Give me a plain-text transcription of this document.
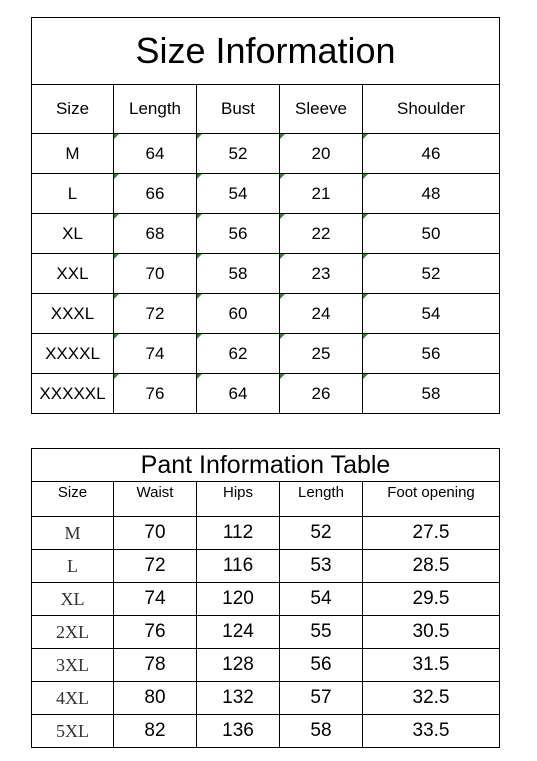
Size Information				
Size	Length	Bust	Sleeve	Shoulder
M	64	52	20	46
L	66	54	21	48
XL	68	56	22	50
XXL	70	58	23	52
XXXL	72	60	24	54
XXXXL	74	62	25	56
XXXXXL	76	64	26	58
Pant Information Table				
Size	Waist	Hips	Length	Foot opening
M	70	112	52	27.5
L	72	116	53	28.5
XL	74	120	54	29.5
2XL	76	124	55	30.5
3XL	78	128	56	31.5
4XL	80	132	57	32.5
5XL	82	136	58	33.5
